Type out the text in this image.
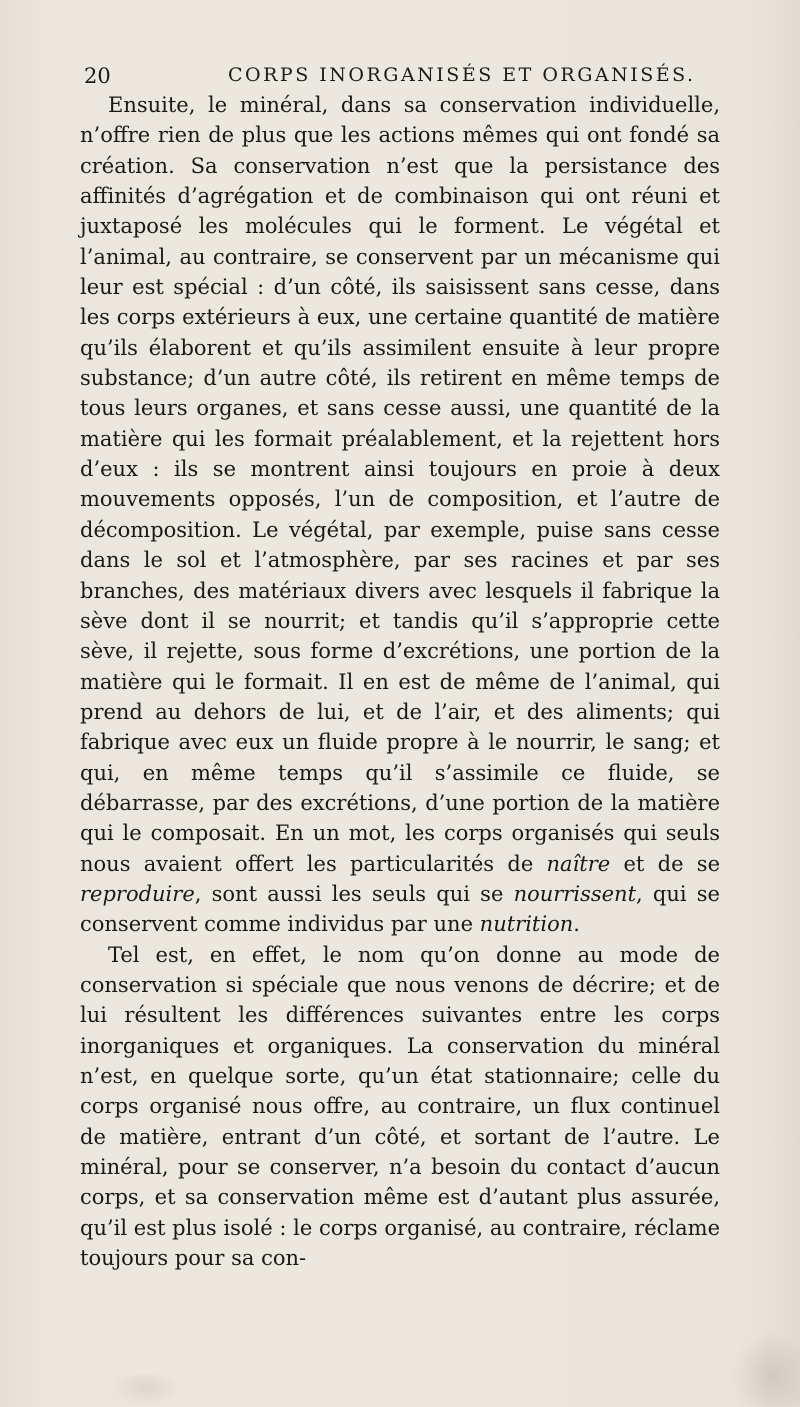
20	CORPS INORGANISÉS ET ORGANISÉS.

Ensuite, le minéral, dans sa conservation individuelle, n’offre rien de plus que les actions mêmes qui ont fondé sa création. Sa conservation n’est que la persistance des affinités d’agrégation et de combinaison qui ont réuni et juxtaposé les molécules qui le forment. Le végétal et l’animal, au contraire, se conservent par un mécanisme qui leur est spécial : d’un côté, ils saisissent sans cesse, dans les corps extérieurs à eux, une certaine quantité de matière qu’ils élaborent et qu’ils assimilent ensuite à leur propre substance; d’un autre côté, ils retirent en même temps de tous leurs organes, et sans cesse aussi, une quantité de la matière qui les formait préalablement, et la rejettent hors d’eux : ils se montrent ainsi toujours en proie à deux mouvements opposés, l’un de composition, et l’autre de décomposition. Le végétal, par exemple, puise sans cesse dans le sol et l’atmosphère, par ses racines et par ses branches, des matériaux divers avec lesquels il fabrique la sève dont il se nourrit; et tandis qu’il s’approprie cette sève, il rejette, sous forme d’excrétions, une portion de la matière qui le formait. Il en est de même de l’animal, qui prend au dehors de lui, et de l’air, et des aliments; qui fabrique avec eux un fluide propre à le nourrir, le sang; et qui, en même temps qu’il s’assimile ce fluide, se débarrasse, par des excrétions, d’une portion de la matière qui le composait. En un mot, les corps organisés qui seuls nous avaient offert les particularités de naître et de se reproduire, sont aussi les seuls qui se nourrissent, qui se conservent comme individus par une nutrition.

Tel est, en effet, le nom qu’on donne au mode de conservation si spéciale que nous venons de décrire; et de lui résultent les différences suivantes entre les corps inorganiques et organiques. La conservation du minéral n’est, en quelque sorte, qu’un état stationnaire; celle du corps organisé nous offre, au contraire, un flux continuel de matière, entrant d’un côté, et sortant de l’autre. Le minéral, pour se conserver, n’a besoin du contact d’aucun corps, et sa conservation même est d’autant plus assurée, qu’il est plus isolé : le corps organisé, au contraire, réclame toujours pour sa con-
